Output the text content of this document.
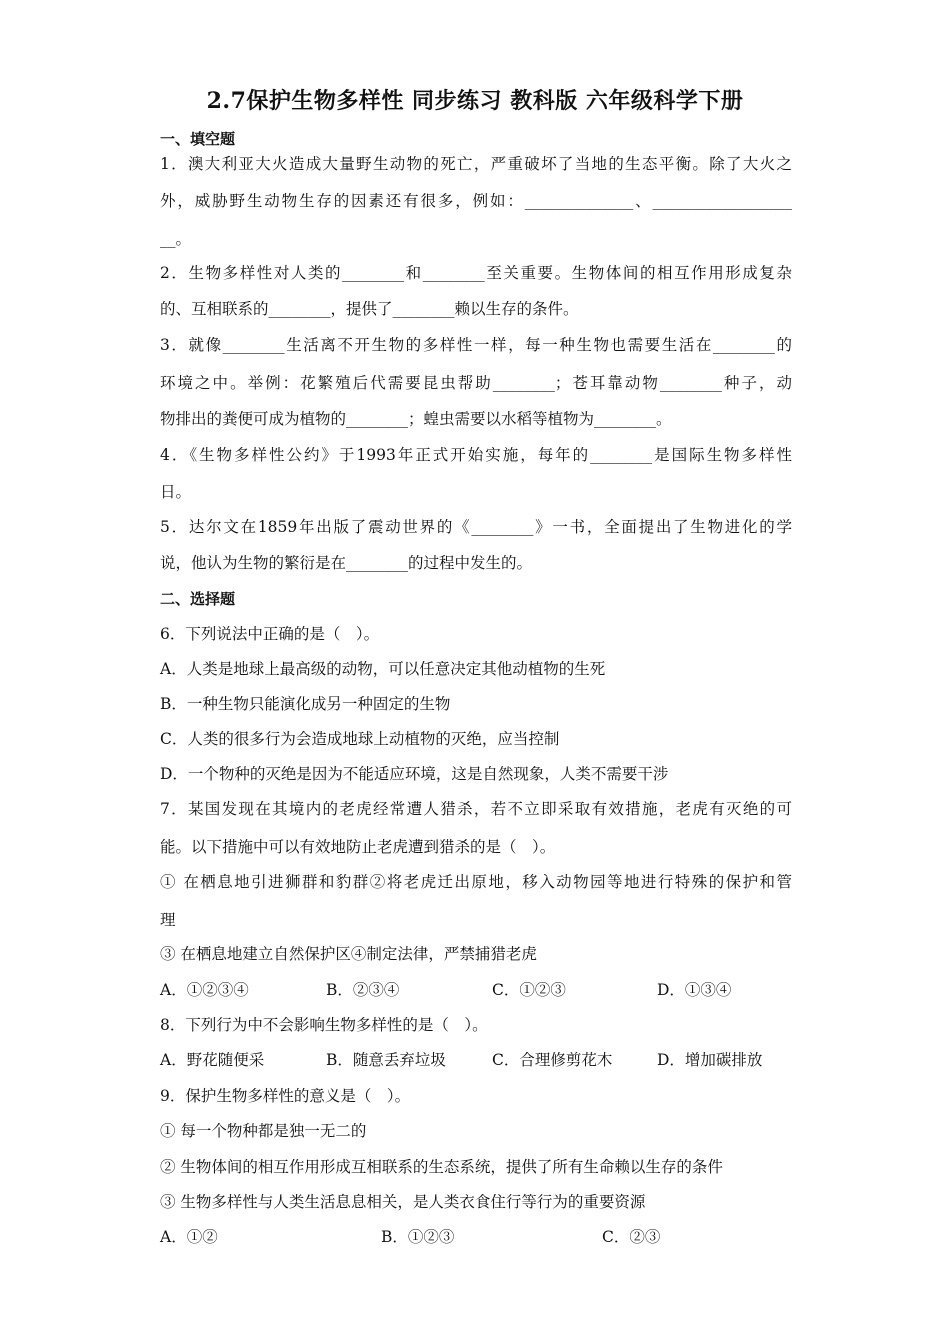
2.7保护生物多样性 同步练习 教科版 六年级科学下册
一、填空题
1．澳大利亚大火造成大量野生动物的死亡，严重破坏了当地的生态平衡。除了大火之
外，威胁野生动物生存的因素还有很多，例如：______________、__________________
__。
2．生物多样性对人类的________和________至关重要。生物体间的相互作用形成复杂
的、互相联系的________，提供了________赖以生存的条件。
3．就像________生活离不开生物的多样性一样，每一种生物也需要生活在________的
环境之中。举例：花繁殖后代需要昆虫帮助________；苍耳靠动物________种子，动
物排出的粪便可成为植物的________；蝗虫需要以水稻等植物为________。
4．《生物多样性公约》于1993年正式开始实施，每年的________是国际生物多样性
日。
5．达尔文在1859年出版了震动世界的《________》一书，全面提出了生物进化的学
说，他认为生物的繁衍是在________的过程中发生的。
二、选择题
6．下列说法中正确的是（　）。
A．人类是地球上最高级的动物，可以任意决定其他动植物的生死
B．一种生物只能演化成另一种固定的生物
C．人类的很多行为会造成地球上动植物的灭绝，应当控制
D．一个物种的灭绝是因为不能适应环境，这是自然现象，人类不需要干涉
7．某国发现在其境内的老虎经常遭人猎杀，若不立即采取有效措施，老虎有灭绝的可
能。以下措施中可以有效地防止老虎遭到猎杀的是（　）。
① 在栖息地引进狮群和豹群②将老虎迁出原地，移入动物园等地进行特殊的保护和管
理
③ 在栖息地建立自然保护区④制定法律，严禁捕猎老虎
A．①②③④	B．②③④	C．①②③	D．①③④
8．下列行为中不会影响生物多样性的是（　）。
A．野花随便采	B．随意丢弃垃圾	C．合理修剪花木	D．增加碳排放
9．保护生物多样性的意义是（　）。
① 每一个物种都是独一无二的
② 生物体间的相互作用形成互相联系的生态系统，提供了所有生命赖以生存的条件
③ 生物多样性与人类生活息息相关，是人类衣食住行等行为的重要资源
A．①②	B．①②③	C．②③
